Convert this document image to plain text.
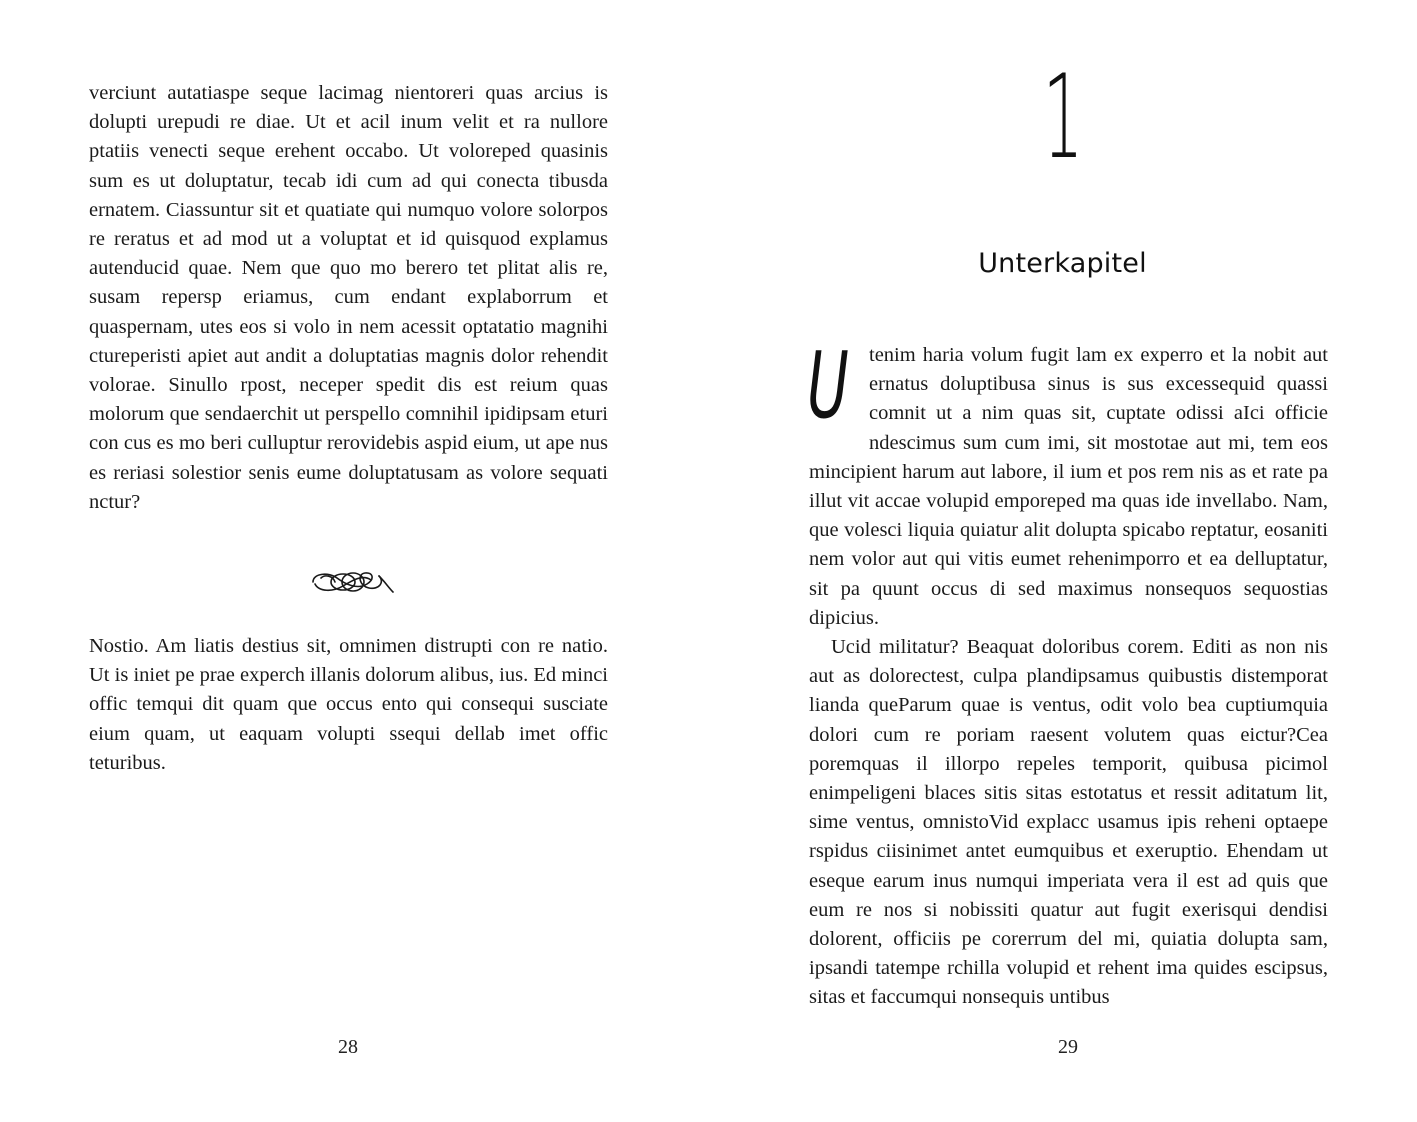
verciunt autatiaspe seque lacimag nientoreri quas arcius is dolupti urepudi re diae. Ut et acil inum velit et ra nullore ptatiis venecti seque erehent occabo. Ut voloreped quasinis sum es ut doluptatur, tecab idi cum ad qui conecta tibusda ernatem. Ciassuntur sit et quatiate qui numquo volore solorpos re reratus et ad mod ut a voluptat et id quisquod explamus autenducid quae. Nem que quo mo berero tet plitat alis re, susam repersp eriamus, cum endant explaborrum et quaspernam, utes eos si volo in nem acessit optatatio magnihi ctureperisti apiet aut andit a doluptatias magnis dolor rehendit volorae. Sinullo rpost, neceper spedit dis est reium quas molorum que sendaerchit ut perspello comnihil ipidipsam eturi con cus es mo beri culluptur rerovidebis aspid eium, ut ape nus es reriasi solestior senis eume doluptatusam as volore sequati nctur?

Nostio. Am liatis destius sit, omnimen distrupti con re natio. Ut is iniet pe prae experch illanis dolorum alibus, ius. Ed minci offic temqui dit quam que occus ento qui consequi susciate eium quam, ut eaquam volupti ssequi dellab imet offic teturibus.

28
1
Unterkapitel

Utenim haria volum fugit lam ex experro et la nobit aut ernatus doluptibusa sinus is sus excessequid quassi comnit ut a nim quas sit, cuptate odissi aIci officie ndescimus sum cum imi, sit mostotae aut mi, tem eos mincipient harum aut labore, il ium et pos rem nis as et rate pa illut vit accae volupid emporeped ma quas ide invellabo. Nam, que volesci liquia quiatur alit dolupta spicabo reptatur, eosaniti nem volor aut qui vitis eumet rehenimporro et ea delluptatur, sit pa quunt occus di sed maximus nonsequos sequostias dipicius.

Ucid militatur? Beaquat doloribus corem. Editi as non nis aut as dolorectest, culpa plandipsamus quibustis distemporat lianda queParum quae is ventus, odit volo bea cuptiumquia dolori cum re poriam raesent volutem quas eictur?Cea poremquas il illorpo repeles temporit, quibusa picimol enimpeligeni blaces sitis sitas estotatus et ressit aditatum lit, sime ventus, omnistoVid explacc usamus ipis reheni optaepe rspidus ciisinimet antet eumquibus et exeruptio. Ehendam ut eseque earum inus numqui imperiata vera il est ad quis que eum re nos si nobissiti quatur aut fugit exerisqui dendisi dolorent, officiis pe corerrum del mi, quiatia dolupta sam, ipsandi tatempe rchilla volupid et rehent ima quides escipsus, sitas et faccumqui nonsequis untibus

29
